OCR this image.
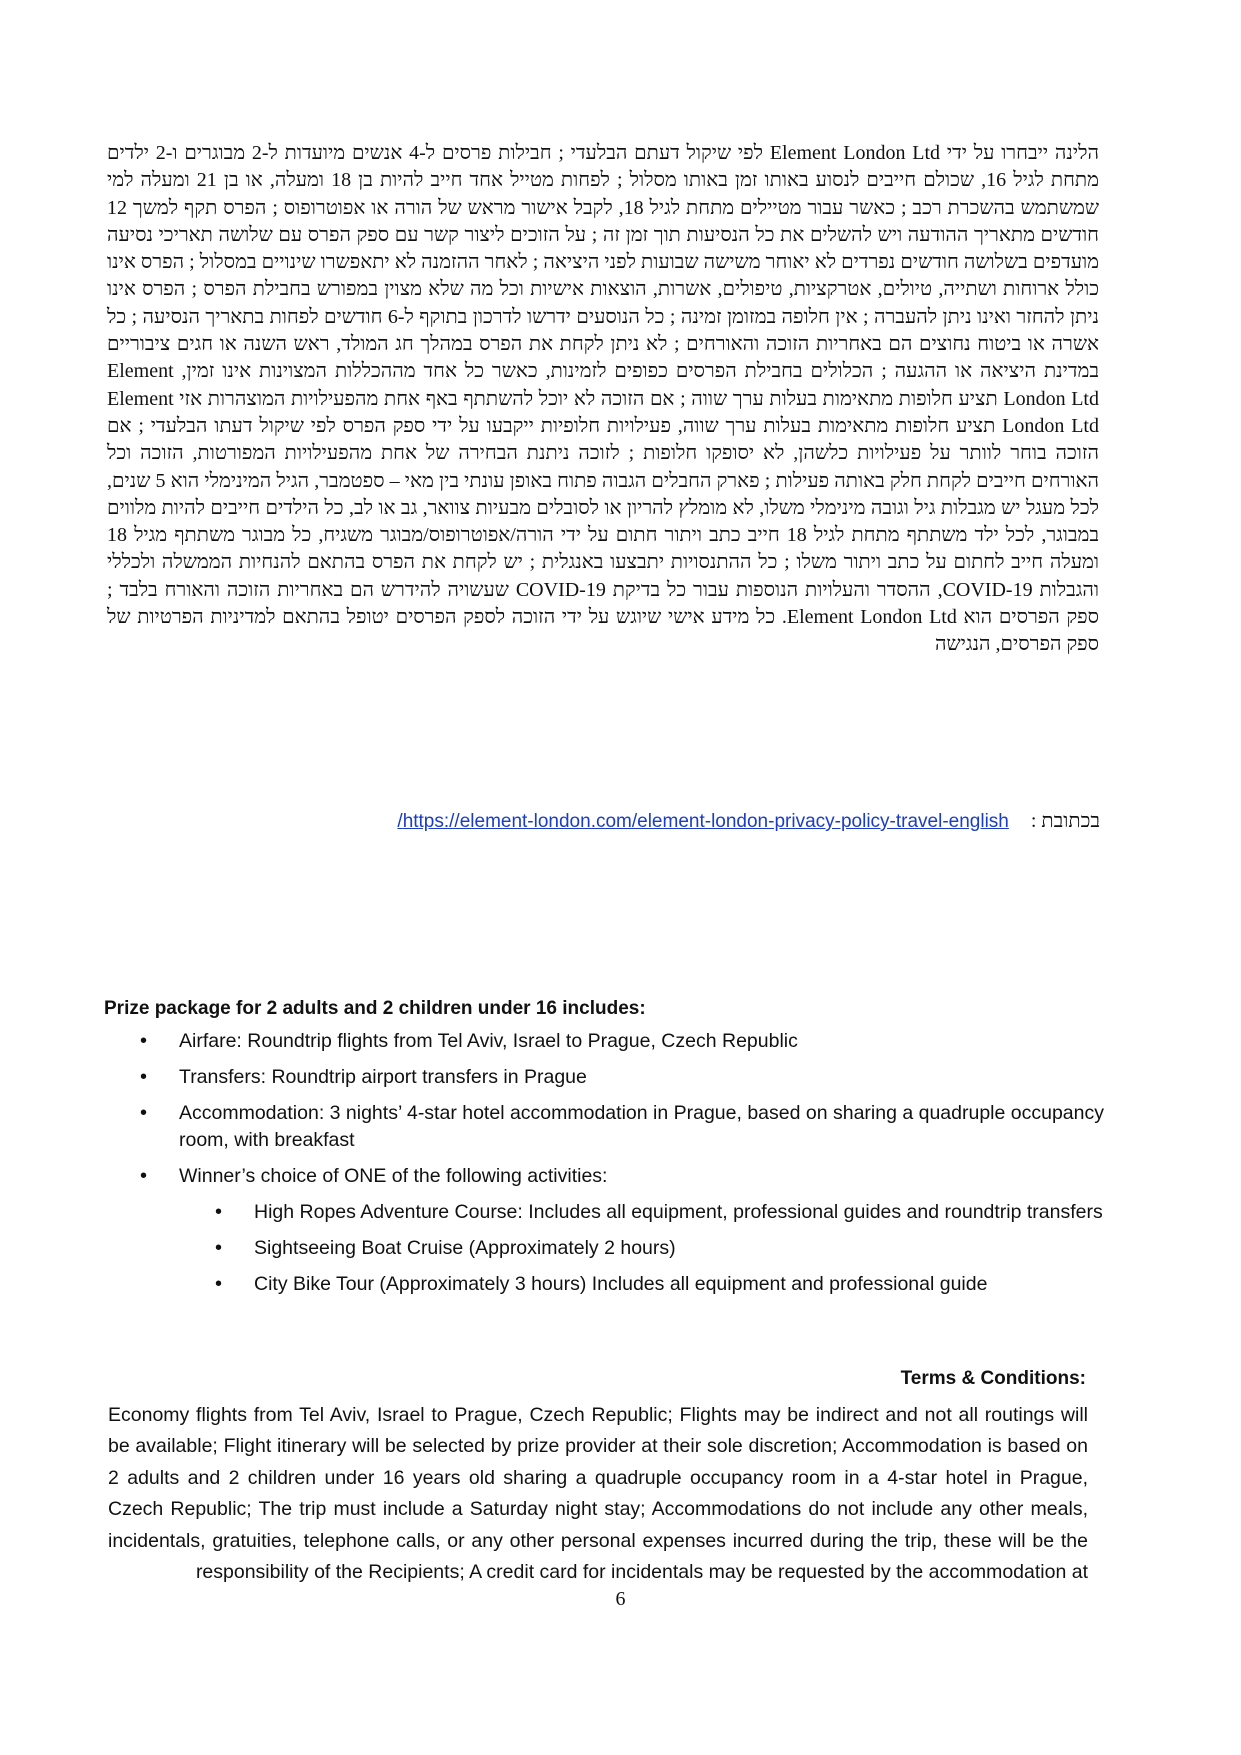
הלינה ייבחרו על ידי Element London Ltd לפי שיקול דעתם הבלעדי ; חבילות פרסים ל-4 אנשים מיועדות ל-2 מבוגרים ו-2 ילדים מתחת לגיל 16, שכולם חייבים לנסוע באותו זמן באותו מסלול ; לפחות מטייל אחד חייב להיות בן 18 ומעלה, או בן 21 ומעלה למי שמשתמש בהשכרת רכב ; כאשר עבור מטיילים מתחת לגיל 18, לקבל אישור מראש של הורה או אפוטרופוס ; הפרס תקף למשך 12 חודשים מתאריך ההודעה ויש להשלים את כל הנסיעות תוך זמן זה ; על הזוכים ליצור קשר עם ספק הפרס עם שלושה תאריכי נסיעה מועדפים בשלושה חודשים נפרדים לא יאוחר משישה שבועות לפני היציאה ; לאחר ההזמנה לא יתאפשרו שינויים במסלול ; הפרס אינו כולל ארוחות ושתייה, טיולים, אטרקציות, טיפולים, אשרות, הוצאות אישיות וכל מה שלא מצוין במפורש בחבילת הפרס ; הפרס אינו ניתן להחזר ואינו ניתן להעברה ; אין חלופה במזומן זמינה ; כל הנוסעים ידרשו לדרכון בתוקף ל-6 חודשים לפחות בתאריך הנסיעה ; כל אשרה או ביטוח נחוצים הם באחריות הזוכה והאורחים ; לא ניתן לקחת את הפרס במהלך חג המולד, ראש השנה או חגים ציבוריים במדינת היציאה או ההגעה ; הכלולים בחבילת הפרסים כפופים לזמינות, כאשר כל אחד מההכללות המצוינות אינו זמין, Element London Ltd תציע חלופות מתאימות בעלות ערך שווה ; אם הזוכה לא יוכל להשתתף באף אחת מהפעילויות המוצהרות אזי Element London Ltd תציע חלופות מתאימות בעלות ערך שווה, פעילויות חלופיות ייקבעו על ידי ספק הפרס לפי שיקול דעתו הבלעדי ; אם הזוכה בוחר לוותר על פעילויות כלשהן, לא יסופקו חלופות ; לזוכה ניתנת הבחירה של אחת מהפעילויות המפורטות, הזוכה וכל האורחים חייבים לקחת חלק באותה פעילות ; פארק החבלים הגבוה פתוח באופן עונתי בין מאי – ספטמבר, הגיל המינימלי הוא 5 שנים, לכל מעגל יש מגבלות גיל וגובה מינימלי משלו, לא מומלץ להריון או לסובלים מבעיות צוואר, גב או לב, כל הילדים חייבים להיות מלווים במבוגר, לכל ילד משתתף מתחת לגיל 18 חייב כתב ויתור חתום על ידי הורה/אפוטרופוס/מבוגר משגיח, כל מבוגר משתתף מגיל 18 ומעלה חייב לחתום על כתב ויתור משלו ; כל ההתנסויות יתבצעו באנגלית ; יש לקחת את הפרס בהתאם להנחיות הממשלה ולכללי והגבלות COVID-19, ההסדר והעלויות הנוספות עבור כל בדיקת COVID-19 שעשויה להידרש הם באחריות הזוכה והאורח בלבד ; ספק הפרסים הוא Element London Ltd. כל מידע אישי שיוגש על ידי הזוכה לספק הפרסים יטופל בהתאם למדיניות הפרטיות של ספק הפרסים, הנגישה

בכתובת :https://element-london.com/element-london-privacy-policy-travel-english/

Prize package for 2 adults and 2 children under 16 includes:

• Airfare: Roundtrip flights from Tel Aviv, Israel to Prague, Czech Republic
• Transfers: Roundtrip airport transfers in Prague
• Accommodation: 3 nights’ 4-star hotel accommodation in Prague, based on sharing a quadruple occupancy room, with breakfast
• Winner’s choice of ONE of the following activities:
• High Ropes Adventure Course: Includes all equipment, professional guides and roundtrip transfers
• Sightseeing Boat Cruise (Approximately 2 hours)
• City Bike Tour (Approximately 3 hours) Includes all equipment and professional guide
Terms & Conditions:
Economy flights from Tel Aviv, Israel to Prague, Czech Republic; Flights may be indirect and not all routings will be available; Flight itinerary will be selected by prize provider at their sole discretion; Accommodation is based on 2 adults and 2 children under 16 years old sharing a quadruple occupancy room in a 4-star hotel in Prague, Czech Republic; The trip must include a Saturday night stay; Accommodations do not include any other meals, incidentals, gratuities, telephone calls, or any other personal expenses incurred during the trip, these will be the responsibility of the Recipients; A credit card for incidentals may be requested by the accommodation at
6
